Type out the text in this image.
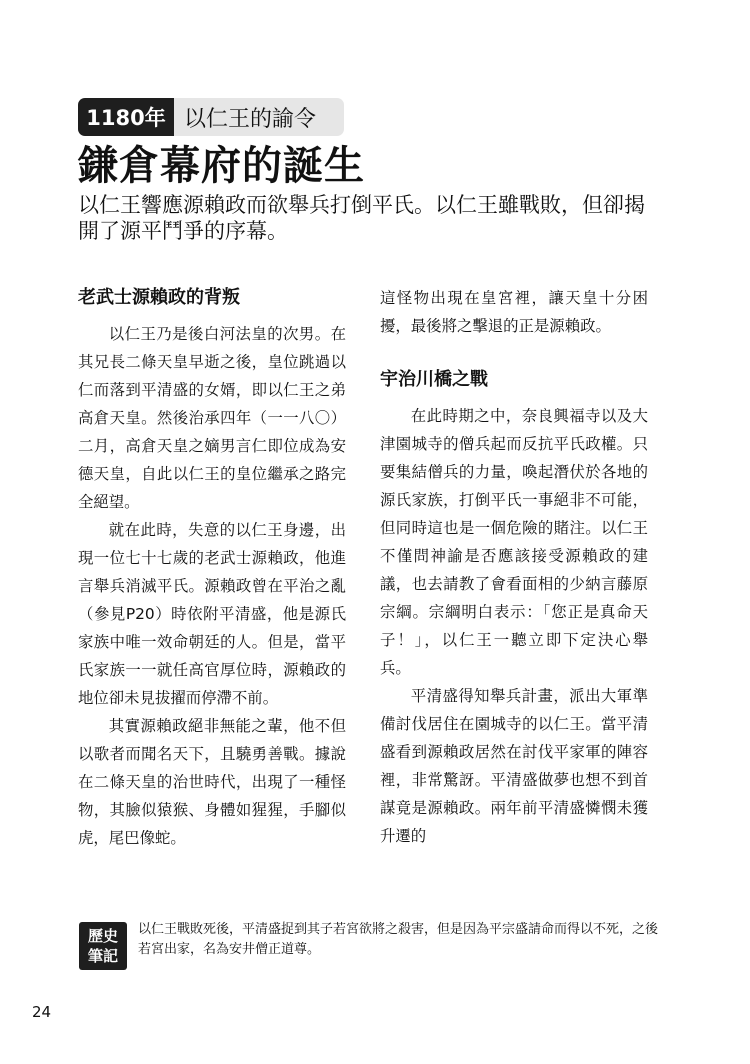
1180年 以仁王的諭令
鎌倉幕府的誕生

以仁王響應源賴政而欲舉兵打倒平氏。以仁王雖戰敗，但卻揭開了源平鬥爭的序幕。

老武士源賴政的背叛

以仁王乃是後白河法皇的次男。在其兄長二條天皇早逝之後，皇位跳過以仁而落到平清盛的女婿，即以仁王之弟高倉天皇。然後治承四年（一一八〇）二月，高倉天皇之嫡男言仁即位成為安德天皇，自此以仁王的皇位繼承之路完全絕望。

就在此時，失意的以仁王身邊，出現一位七十七歲的老武士源賴政，他進言舉兵消滅平氏。源賴政曾在平治之亂（參見P20）時依附平清盛，他是源氏家族中唯一效命朝廷的人。但是，當平氏家族一一就任高官厚位時，源賴政的地位卻未見拔擢而停滯不前。

其實源賴政絕非無能之輩，他不但以歌者而聞名天下，且驍勇善戰。據說在二條天皇的治世時代，出現了一種怪物，其臉似猿猴、身體如猩猩，手腳似虎，尾巴像蛇。

這怪物出現在皇宮裡，讓天皇十分困擾，最後將之擊退的正是源賴政。

宇治川橋之戰

在此時期之中，奈良興福寺以及大津園城寺的僧兵起而反抗平氏政權。只要集結僧兵的力量，喚起潛伏於各地的源氏家族，打倒平氏一事絕非不可能，但同時這也是一個危險的賭注。以仁王不僅問神諭是否應該接受源賴政的建議，也去請教了會看面相的少納言藤原宗綱。宗綱明白表示：「您正是真命天子！」，以仁王一聽立即下定決心舉兵。

平清盛得知舉兵計畫，派出大軍準備討伐居住在園城寺的以仁王。當平清盛看到源賴政居然在討伐平家軍的陣容裡，非常驚訝。平清盛做夢也想不到首謀竟是源賴政。兩年前平清盛憐憫未獲升遷的

歷史
筆記

以仁王戰敗死後，平清盛捉到其子若宮欲將之殺害，但是因為平宗盛請命而得以不死，之後若宮出家，名為安井僧正道尊。

24
